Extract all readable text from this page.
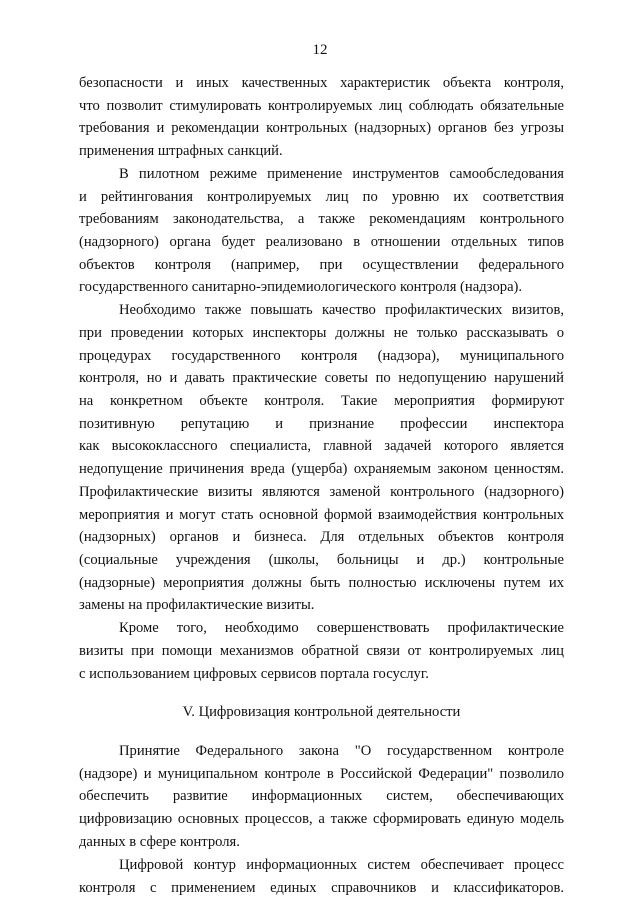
12
безопасности и иных качественных характеристик объекта контроля,
что позволит стимулировать контролируемых лиц соблюдать обязательные
требования и рекомендации контрольных (надзорных) органов без угрозы
применения штрафных санкций.
В пилотном режиме применение инструментов самообследования
и рейтингования контролируемых лиц по уровню их соответствия
требованиям законодательства, а также рекомендациям контрольного
(надзорного) органа будет реализовано в отношении отдельных типов
объектов контроля (например, при осуществлении федерального
государственного санитарно-эпидемиологического контроля (надзора).
Необходимо также повышать качество профилактических визитов,
при проведении которых инспекторы должны не только рассказывать о
процедурах государственного контроля (надзора), муниципального
контроля, но и давать практические советы по недопущению нарушений
на конкретном объекте контроля. Такие мероприятия формируют
позитивную репутацию и признание профессии инспектора
как высококлассного специалиста, главной задачей которого является
недопущение причинения вреда (ущерба) охраняемым законом ценностям.
Профилактические визиты являются заменой контрольного (надзорного)
мероприятия и могут стать основной формой взаимодействия контрольных
(надзорных) органов и бизнеса. Для отдельных объектов контроля
(социальные учреждения (школы, больницы и др.) контрольные
(надзорные) мероприятия должны быть полностью исключены путем их
замены на профилактические визиты.
Кроме того, необходимо совершенствовать профилактические
визиты при помощи механизмов обратной связи от контролируемых лиц
с использованием цифровых сервисов портала госуслуг.
V. Цифровизация контрольной деятельности
Принятие Федерального закона "О государственном контроле
(надзоре) и муниципальном контроле в Российской Федерации" позволило
обеспечить развитие информационных систем, обеспечивающих
цифровизацию основных процессов, а также сформировать единую модель
данных в сфере контроля.
Цифровой контур информационных систем обеспечивает процесс
контроля с применением единых справочников и классификаторов.
